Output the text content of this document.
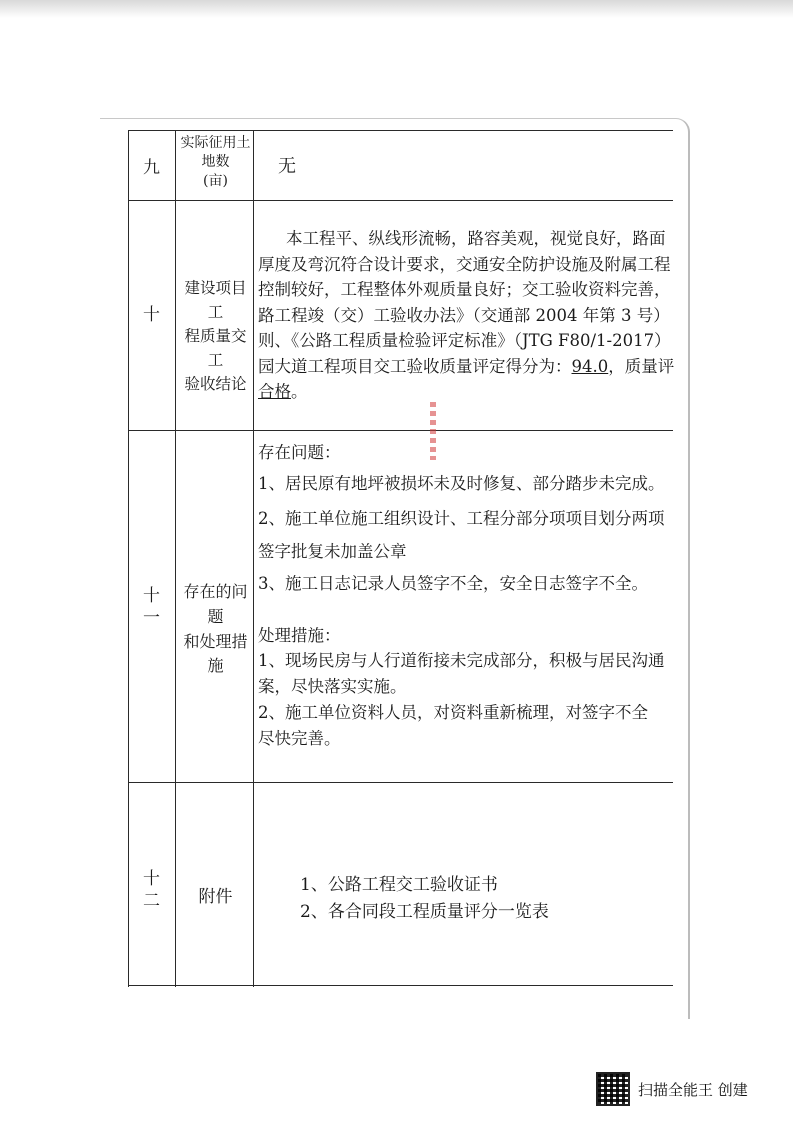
九
实际征用土
地数
(亩)
无
十
建设项目工
程质量交工
验收结论
本工程平、纵线形流畅，路容美观，视觉良好，路面
厚度及弯沉符合设计要求，交通安全防护设施及附属工程
控制较好，工程整体外观质量良好；交工验收资料完善，
路工程竣（交）工验收办法》（交通部 2004 年第 3 号）
则、《公路工程质量检验评定标准》（JTG F80/1-2017）
园大道工程项目交工验收质量评定得分为：94.0，质量评
合格。
十
一
存在的问题
和处理措施
存在问题：
1、居民原有地坪被损坏未及时修复、部分踏步未完成。
2、施工单位施工组织设计、工程分部分项项目划分两项
签字批复未加盖公章
3、施工日志记录人员签字不全，安全日志签字不全。
处理措施：
1、现场民房与人行道衔接未完成部分，积极与居民沟通
案，尽快落实实施。
2、施工单位资料人员，对资料重新梳理，对签字不全
尽快完善。
十
二	附件
1、公路工程交工验收证书
2、各合同段工程质量评分一览表
扫描全能王 创建
